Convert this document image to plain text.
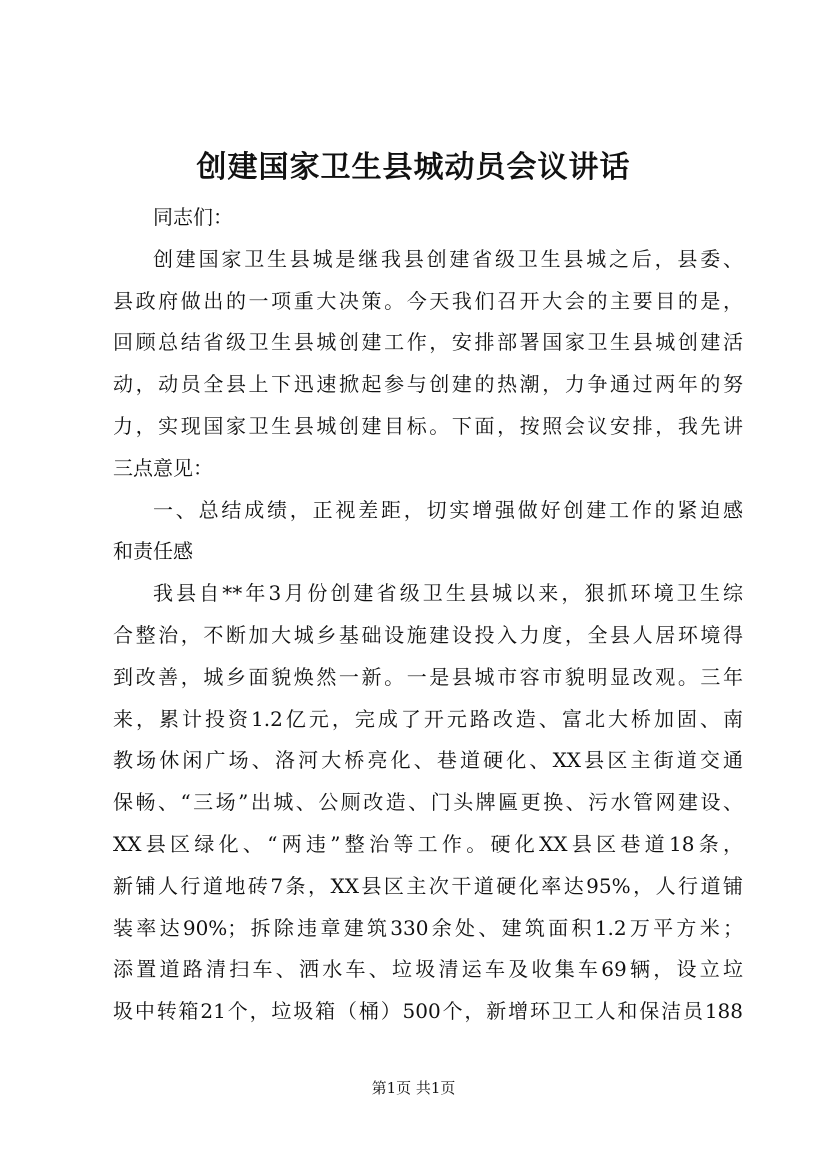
创建国家卫生县城动员会议讲话
同志们：
创建国家卫生县城是继我县创建省级卫生县城之后，县委、
县政府做出的一项重大决策。今天我们召开大会的主要目的是，
回顾总结省级卫生县城创建工作，安排部署国家卫生县城创建活
动，动员全县上下迅速掀起参与创建的热潮，力争通过两年的努
力，实现国家卫生县城创建目标。下面，按照会议安排，我先讲
三点意见：
一、总结成绩，正视差距，切实增强做好创建工作的紧迫感
和责任感
我县自**年3月份创建省级卫生县城以来，狠抓环境卫生综
合整治，不断加大城乡基础设施建设投入力度，全县人居环境得
到改善，城乡面貌焕然一新。一是县城市容市貌明显改观。三年
来，累计投资1.2亿元，完成了开元路改造、富北大桥加固、南
教场休闲广场、洛河大桥亮化、巷道硬化、XX县区主街道交通
保畅、“三场”出城、公厕改造、门头牌匾更换、污水管网建设、
XX县区绿化、“两违”整治等工作。硬化XX县区巷道18条，
新铺人行道地砖7条，XX县区主次干道硬化率达95%，人行道铺
装率达90%；拆除违章建筑330余处、建筑面积1.2万平方米；
添置道路清扫车、洒水车、垃圾清运车及收集车69辆，设立垃
圾中转箱21个，垃圾箱（桶）500个，新增环卫工人和保洁员188
第1页 共1页
